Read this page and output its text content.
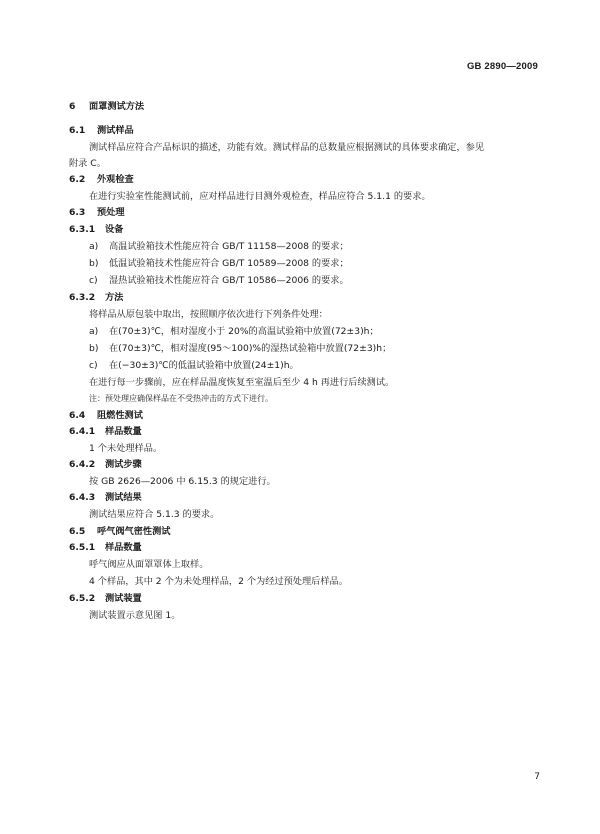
GB 2890—2009
6 面罩测试方法
6.1 测试样品
测试样品应符合产品标识的描述，功能有效。测试样品的总数量应根据测试的具体要求确定，参见
附录 C。
6.2 外观检查
在进行实验室性能测试前，应对样品进行目测外观检查，样品应符合 5.1.1 的要求。
6.3 预处理
6.3.1 设备
a) 高温试验箱技术性能应符合 GB/T 11158—2008 的要求；
b) 低温试验箱技术性能应符合 GB/T 10589—2008 的要求；
c) 湿热试验箱技术性能应符合 GB/T 10586—2006 的要求。
6.3.2 方法
将样品从原包装中取出，按照顺序依次进行下列条件处理：
a) 在(70±3)℃，相对湿度小于 20%的高温试验箱中放置(72±3)h；
b) 在(70±3)℃，相对湿度(95～100)%的湿热试验箱中放置(72±3)h；
c) 在(−30±3)℃的低温试验箱中放置(24±1)h。
在进行每一步骤前，应在样品温度恢复至室温后至少 4 h 再进行后续测试。
注：预处理应确保样品在不受热冲击的方式下进行。
6.4 阻燃性测试
6.4.1 样品数量
1 个未处理样品。
6.4.2 测试步骤
按 GB 2626—2006 中 6.15.3 的规定进行。
6.4.3 测试结果
测试结果应符合 5.1.3 的要求。
6.5 呼气阀气密性测试
6.5.1 样品数量
呼气阀应从面罩罩体上取样。
4 个样品，其中 2 个为未处理样品，2 个为经过预处理后样品。
6.5.2 测试装置
测试装置示意见图 1。
7
